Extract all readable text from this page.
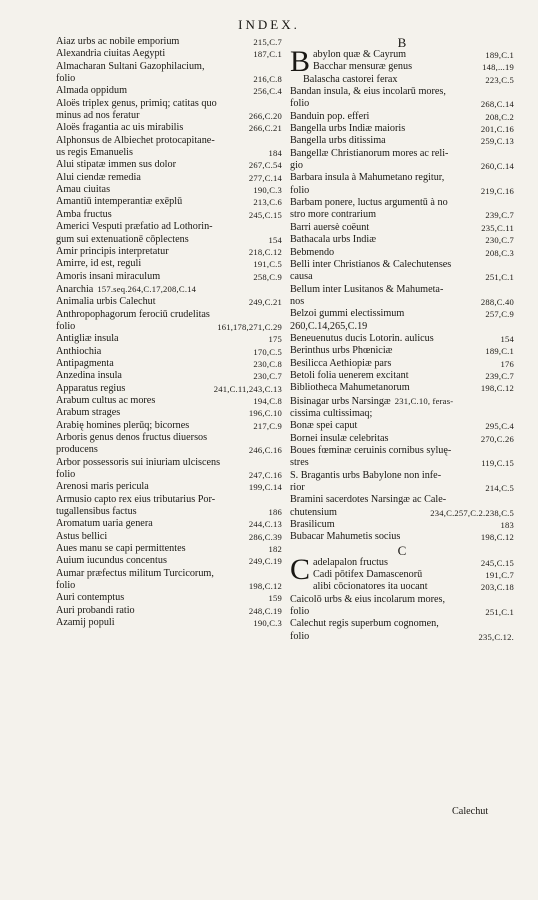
INDEX.
215,C.7
Aiaz urbs ac nobile emporium
187,C.1
Alexandria ciuitas Aegypti
Almacharan Sultani Gazophilacium,
216,C.8
folio
256,C.4
Almada oppidum
Aloës triplex genus, primiq; catitas quo
266,C.20
minus ad nos feratur
266,C.21
Aloës fragantia ac uis mirabilis
Alphonsus de Albiechet protocapitane-
184
us regis Emanuelis
267,C.54
Alui stipatæ immen sus dolor
277,C.14
Alui ciendæ remedia
190,C.3
Amau ciuitas
213,C.6
Amantiū intemperantiæ exēplū
245,C.15
Amba fructus
Americi Vesputi præfatio ad Lothorin-
154
gum sui extenuationē cōplectens
218,C.12
Amir principis interpretatur
191,C.5
Amirre, id est, reguli
258,C.9
Amoris insani miraculum
Anarchia 157.seq.264,C.17,208,C.14
249,C.21
Animalia urbis Calechut
Anthropophagorum ferociū crudelitas
161,178,271,C.29
folio
175
Antigliæ insula
170,C.5
Anthiochia
230,C.8
Antipagmenta
230,C.7
Anzedina insula
241,C.11,243,C.13
Apparatus regius
194,C.8
Arabum cultus ac mores
196,C.10
Arabum strages
217,C.9
Arabię homines plerūq; bicornes
Arboris genus denos fructus diuersos
246,C.16
producens
Arbor possessoris sui iniuriam ulciscens
247,C.16
folio
199,C.14
Arenosi maris pericula
Armusio capto rex eius tributarius Por-
186
tugallensibus factus
244,C.13
Aromatum uaria genera
286,C.39
Astus bellici
182
Aues manu se capi permittentes
249,C.19
Auium iucundus concentus
Aumar præfectus militum Turcicorum,
198,C.12
folio
159
Auri contemptus
248,C.19
Auri probandi ratio
190,C.3
Azamij populi
B
B	189,C.1
abylon quæ & Cayrum
148,...19
Bacchar mensuræ genus
223,C.5
Balascha castorei ferax
Bandan insula, & eius incolarū mores,
268,C.14
folio
208,C.2
Banduin pop. efferi
201,C.16
Bangella urbs Indiæ maioris
259,C.13
Bangella urbs ditissima
Bangellæ Christianorum mores ac reli-
260,C.14
gio
Barbara insula à Mahumetano regitur,
219,C.16
folio
Barbam ponere, luctus argumentū à no
239,C.7
stro more contrarium
235,C.11
Barri auersè coëunt
230,C.7
Bathacala urbs Indiæ
208,C.3
Bebmendo
Belli inter Christianos & Calechutenses
251,C.1
causa
Bellum inter Lusitanos & Mahumeta-
288,C.40
nos
257,C.9
Belzoi gummi electissimum
260,C.14,265,C.19
154
Beneuenutus ducis Lotorin. aulicus
189,C.1
Berinthus urbs Phœniciæ
176
Besilicca Aethiopiæ pars
239,C.7
Betoli folia uenerem excitant
198,C.12
Bibliotheca Mahumetanorum
Bisinagar urbs Narsingæ 231,C.10, feras-
cissima cultissimaq;
295,C.4
Bonæ spei caput
270,C.26
Bornei insulæ celebritas
Boues fœminæ ceruinis cornibus syluę-
119,C.15
stres
S. Bragantis urbs Babylone non infe-
214,C.5
rior
Bramini sacerdotes Narsingæ ac Cale-
234,C.257,C.2.238,C.5
chutensium
183
Brasilicum
198,C.12
Bubacar Mahumetis socius
C
C	245,C.15
adelapalon fructus
191,C.7
Cadi pōtifex Damascenorū
203,C.18
alibi cōcionatores ita uocant
Caicolō urbs & eius incolarum mores,
251,C.1
folio
Calechut regis superbum cognomen,
235,C.12.
folio
Calechut
